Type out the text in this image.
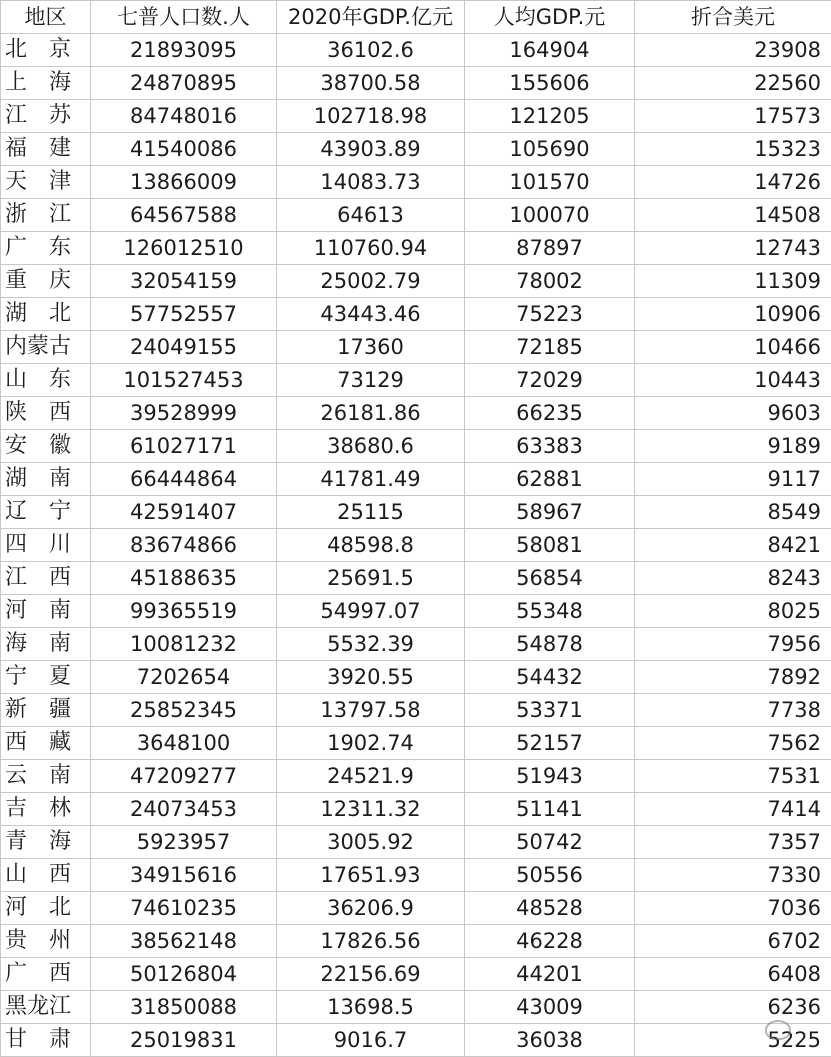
地区	七普人口数.人	2020年GDP.亿元	人均GDP.元	折合美元
北　京	21893095	36102.6	164904	23908
上　海	24870895	38700.58	155606	22560
江　苏	84748016	102718.98	121205	17573
福　建	41540086	43903.89	105690	15323
天　津	13866009	14083.73	101570	14726
浙　江	64567588	64613	100070	14508
广　东	126012510	110760.94	87897	12743
重　庆	32054159	25002.79	78002	11309
湖　北	57752557	43443.46	75223	10906
内蒙古	24049155	17360	72185	10466
山　东	101527453	73129	72029	10443
陕　西	39528999	26181.86	66235	9603
安　徽	61027171	38680.6	63383	9189
湖　南	66444864	41781.49	62881	9117
辽　宁	42591407	25115	58967	8549
四　川	83674866	48598.8	58081	8421
江　西	45188635	25691.5	56854	8243
河　南	99365519	54997.07	55348	8025
海　南	10081232	5532.39	54878	7956
宁　夏	7202654	3920.55	54432	7892
新　疆	25852345	13797.58	53371	7738
西　藏	3648100	1902.74	52157	7562
云　南	47209277	24521.9	51943	7531
吉　林	24073453	12311.32	51141	7414
青　海	5923957	3005.92	50742	7357
山　西	34915616	17651.93	50556	7330
河　北	74610235	36206.9	48528	7036
贵　州	38562148	17826.56	46228	6702
广　西	50126804	22156.69	44201	6408
黑龙江	31850088	13698.5	43009	6236
甘　肃	25019831	9016.7	36038	5225
